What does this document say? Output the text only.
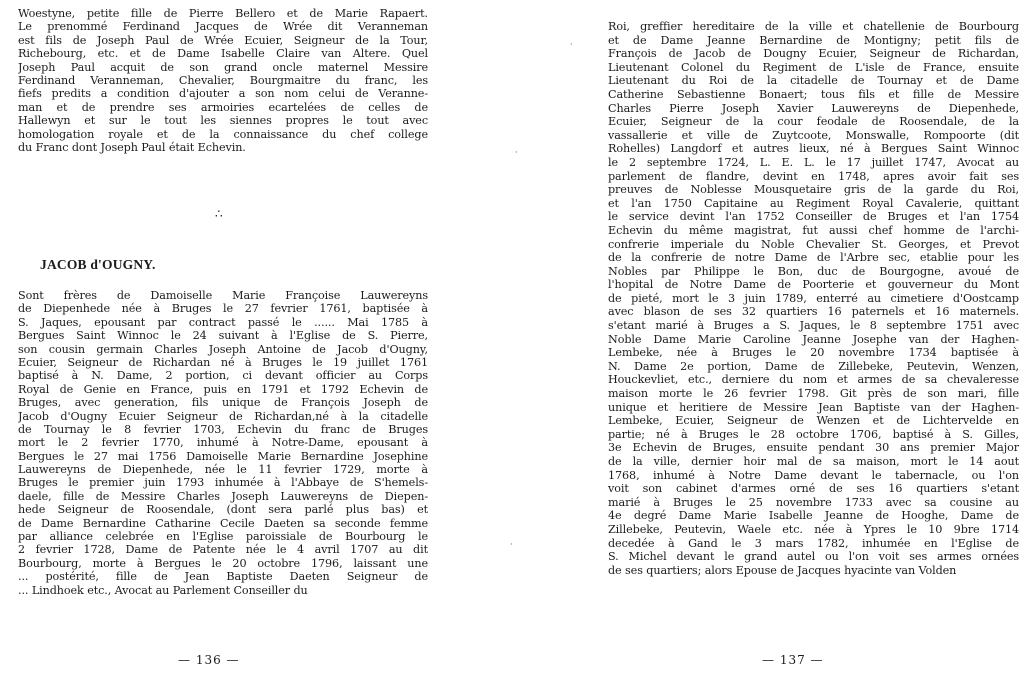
Woestyne, petite fille de Pierre Bellero et de Marie Rapaert.
Le prenommé Ferdinand Jacques de Wrée dit Veranneman
est fils de Joseph Paul de Wrée Ecuier, Seigneur de la Tour,
Richebourg, etc. et de Dame Isabelle Claire van Altere. Quel
Joseph Paul acquit de son grand oncle maternel Messire
Ferdinand Veranneman, Chevalier, Bourgmaitre du franc, les
fiefs predits a condition d'ajouter a son nom celui de Veranne-
man et de prendre ses armoiries ecartelées de celles de
Hallewyn et sur le tout les siennes propres le tout avec
homologation royale et de la connaissance du chef college
du Franc dont Joseph Paul était Echevin.
∴
JACOB d'OUGNY.
Sont frères de Damoiselle Marie Françoise Lauwereyns
de Diepenhede née à Bruges le 27 fevrier 1761, baptisée à
S. Jaques, epousant par contract passé le ...... Mai 1785 à
Bergues Saint Winnoc le 24 suivant à l'Eglise de S. Pierre,
son cousin germain Charles Joseph Antoine de Jacob d'Ougny,
Ecuier, Seigneur de Richardan né à Bruges le 19 juillet 1761
baptisé à N. Dame, 2 portion, ci devant officier au Corps
Royal de Genie en France, puis en 1791 et 1792 Echevin de
Bruges, avec generation, fils unique de François Joseph de
Jacob d'Ougny Ecuier Seigneur de Richardan,né à la citadelle
de Tournay le 8 fevrier 1703, Echevin du franc de Bruges
mort le 2 fevrier 1770, inhumé à Notre-Dame, epousant à
Bergues le 27 mai 1756 Damoiselle Marie Bernardine Josephine
Lauwereyns de Diepenhede, née le 11 fevrier 1729, morte à
Bruges le premier juin 1793 inhumée à l'Abbaye de S'hemels-
daele, fille de Messire Charles Joseph Lauwereyns de Diepen-
hede Seigneur de Roosendale, (dont sera parlé plus bas) et
de Dame Bernardine Catharine Cecile Daeten sa seconde femme
par alliance celebrée en l'Eglise paroissiale de Bourbourg le
2 fevrier 1728, Dame de Patente née le 4 avril 1707 au dit
Bourbourg, morte à Bergues le 20 octobre 1796, laissant une
... postérité, fille de Jean Baptiste Daeten Seigneur de
... Lindhoek etc., Avocat au Parlement Conseiller du
— 136 —
·
·
·
Roi, greffier hereditaire de la ville et chatellenie de Bourbourg
et de Dame Jeanne Bernardine de Montigny; petit fils de
François de Jacob de Dougny Ecuier, Seigneur de Richardan,
Lieutenant Colonel du Regiment de L'isle de France, ensuite
Lieutenant du Roi de la citadelle de Tournay et de Dame
Catherine Sebastienne Bonaert; tous fils et fille de Messire
Charles Pierre Joseph Xavier Lauwereyns de Diepenhede,
Ecuier, Seigneur de la cour feodale de Roosendale, de la
vassallerie et ville de Zuytcoote, Monswalle, Rompoorte (dit
Rohelles) Langdorf et autres lieux, né à Bergues Saint Winnoc
le 2 septembre 1724, L. E. L. le 17 juillet 1747, Avocat au
parlement de flandre, devint en 1748, apres avoir fait ses
preuves de Noblesse Mousquetaire gris de la garde du Roi,
et l'an 1750 Capitaine au Regiment Royal Cavalerie, quittant
le service devint l'an 1752 Conseiller de Bruges et l'an 1754
Echevin du même magistrat, fut aussi chef homme de l'archi-
confrerie imperiale du Noble Chevalier St. Georges, et Prevot
de la confrerie de notre Dame de l'Arbre sec, etablie pour les
Nobles par Philippe le Bon, duc de Bourgogne, avoué de
l'hopital de Notre Dame de Poorterie et gouverneur du Mont
de pieté, mort le 3 juin 1789, enterré au cimetiere d'Oostcamp
avec blason de ses 32 quartiers 16 paternels et 16 maternels.
s'etant marié à Bruges a S. Jaques, le 8 septembre 1751 avec
Noble Dame Marie Caroline Jeanne Josephe van der Haghen-
Lembeke, née à Bruges le 20 novembre 1734 baptisée à
N. Dame 2e portion, Dame de Zillebeke, Peutevin, Wenzen,
Houckevliet, etc., derniere du nom et armes de sa chevaleresse
maison morte le 26 fevrier 1798. Git près de son mari, fille
unique et heritiere de Messire Jean Baptiste van der Haghen-
Lembeke, Ecuier, Seigneur de Wenzen et de Lichtervelde en
partie; né à Bruges le 28 octobre 1706, baptisé à S. Gilles,
3e Echevin de Bruges, ensuite pendant 30 ans premier Major
de la ville, dernier hoir mal de sa maison, mort le 14 aout
1768, inhumé à Notre Dame devant le tabernacle, ou l'on
voit son cabinet d'armes orné de ses 16 quartiers s'etant
marié à Bruges le 25 novembre 1733 avec sa cousine au
4e degré Dame Marie Isabelle Jeanne de Hooghe, Dame de
Zillebeke, Peutevin, Waele etc. née à Ypres le 10 9bre 1714
decedée à Gand le 3 mars 1782, inhumée en l'Eglise de
S. Michel devant le grand autel ou l'on voit ses armes ornées
de ses quartiers; alors Epouse de Jacques hyacinte van Volden
— 137 —
